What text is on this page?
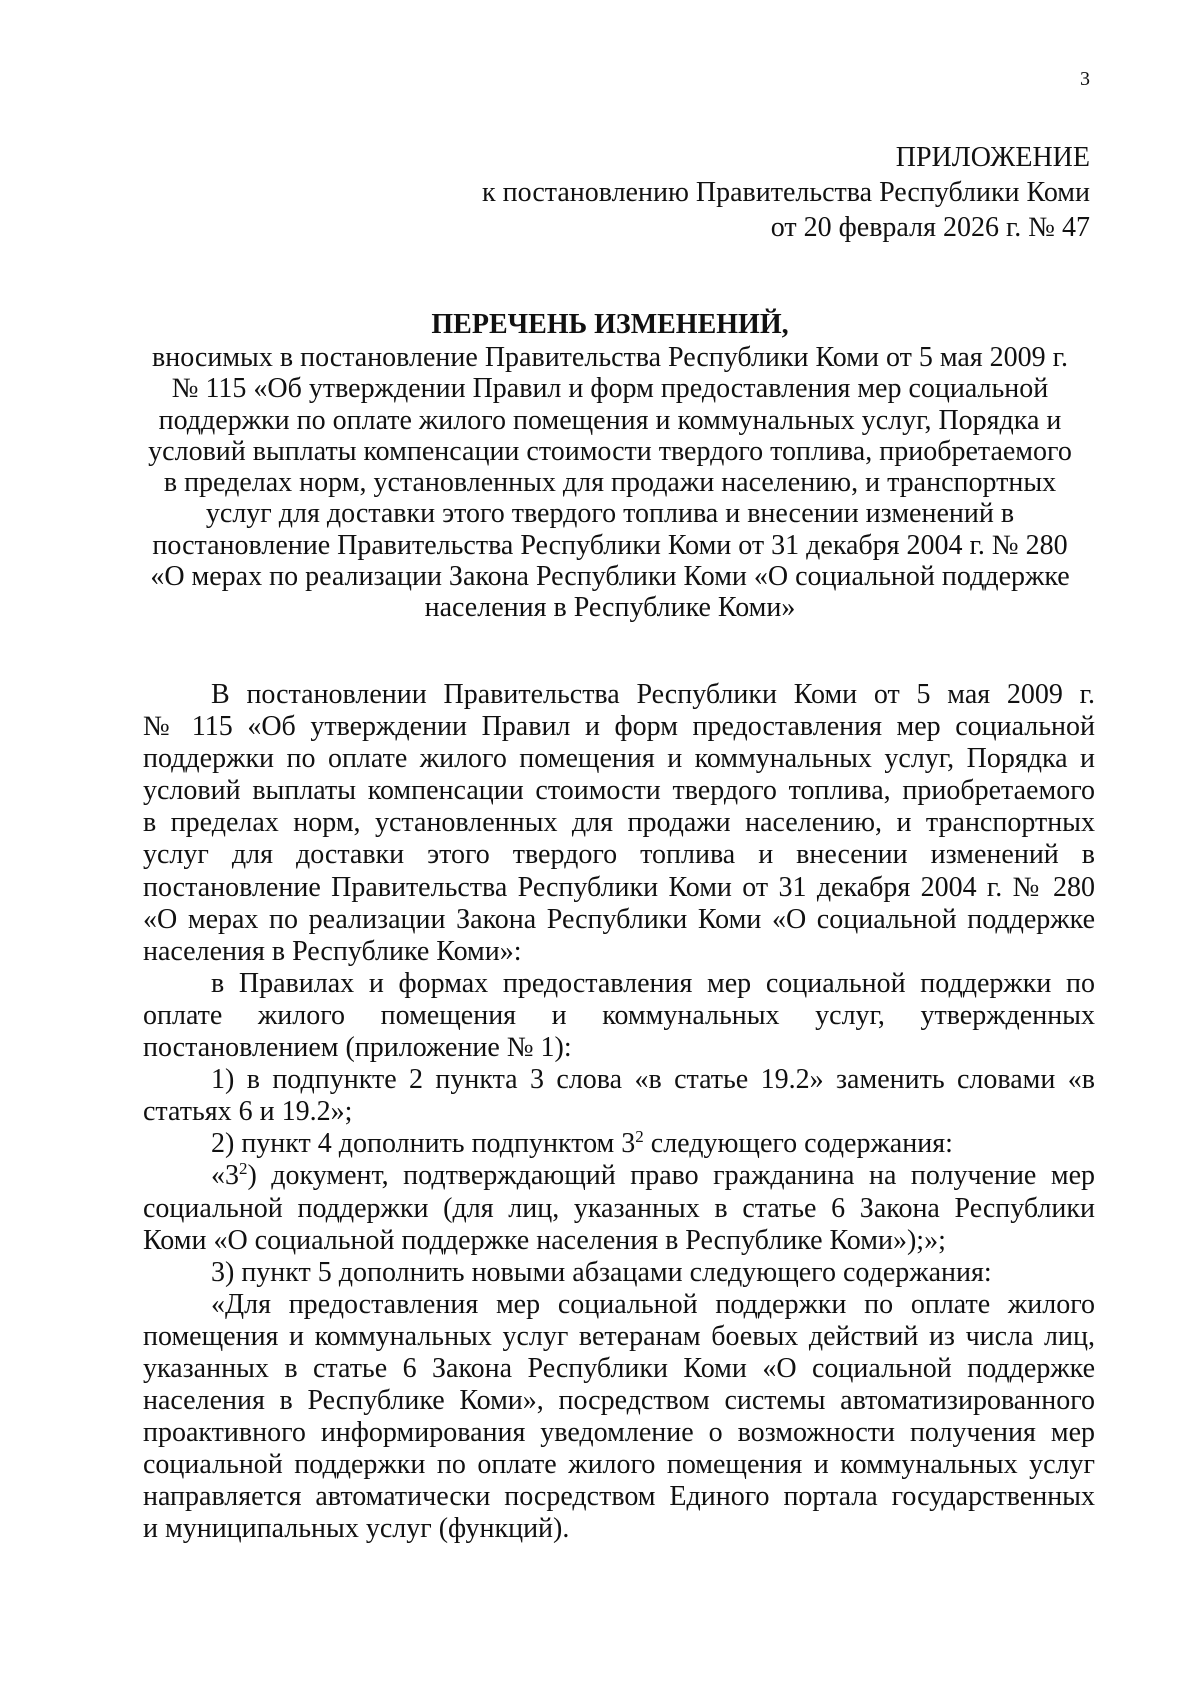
3
ПРИЛОЖЕНИЕ
к постановлению Правительства Республики Коми
от 20 февраля 2026 г. № 47
ПЕРЕЧЕНЬ ИЗМЕНЕНИЙ,
вносимых в постановление Правительства Республики Коми от 5 мая 2009 г.
№ 115 «Об утверждении Правил и форм предоставления мер социальной
поддержки по оплате жилого помещения и коммунальных услуг, Порядка и
условий выплаты компенсации стоимости твердого топлива, приобретаемого
в пределах норм, установленных для продажи населению, и транспортных
услуг для доставки этого твердого топлива и внесении изменений в
постановление Правительства Республики Коми от 31 декабря 2004 г. № 280
«О мерах по реализации Закона Республики Коми «О социальной поддержке
населения в Республике Коми»
В постановлении Правительства Республики Коми от 5 мая 2009 г.
№ 115 «Об утверждении Правил и форм предоставления мер социальной
поддержки по оплате жилого помещения и коммунальных услуг, Порядка и
условий выплаты компенсации стоимости твердого топлива, приобретаемого
в пределах норм, установленных для продажи населению, и транспортных
услуг для доставки этого твердого топлива и внесении изменений в
постановление Правительства Республики Коми от 31 декабря 2004 г. № 280
«О мерах по реализации Закона Республики Коми «О социальной поддержке
населения в Республике Коми»:
в Правилах и формах предоставления мер социальной поддержки по
оплате жилого помещения и коммунальных услуг, утвержденных
постановлением (приложение № 1):
1) в подпункте 2 пункта 3 слова «в статье 19.2» заменить словами «в
статьях 6 и 19.2»;
2) пункт 4 дополнить подпунктом $3^2$ следующего содержания:
«$3^2$) документ, подтверждающий право гражданина на получение мер
социальной поддержки (для лиц, указанных в статье 6 Закона Республики
Коми «О социальной поддержке населения в Республике Коми»);»;
3) пункт 5 дополнить новыми абзацами следующего содержания:
«Для предоставления мер социальной поддержки по оплате жилого
помещения и коммунальных услуг ветеранам боевых действий из числа лиц,
указанных в статье 6 Закона Республики Коми «О социальной поддержке
населения в Республике Коми», посредством системы автоматизированного
проактивного информирования уведомление о возможности получения мер
социальной поддержки по оплате жилого помещения и коммунальных услуг
направляется автоматически посредством Единого портала государственных
и муниципальных услуг (функций).
